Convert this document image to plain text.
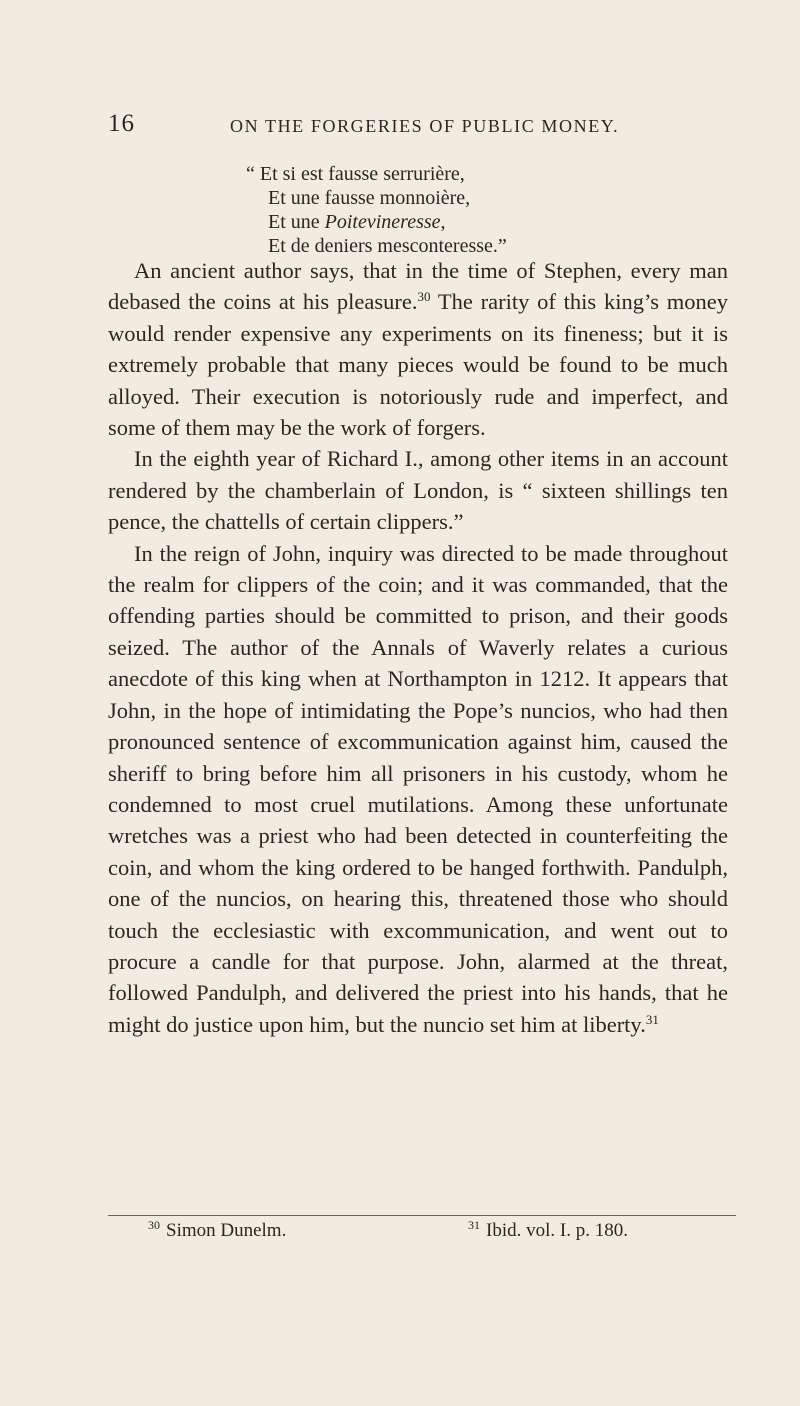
16	ON THE FORGERIES OF PUBLIC MONEY.
“ Et si est fausse serrurière,
Et une fausse monnoière,
Et une Poitevineresse,
Et de deniers mesconteresse.”

An ancient author says, that in the time of Stephen, every man debased the coins at his pleasure.$^{30}$ The rarity of this king’s money would render expensive any experiments on its fineness; but it is extremely probable that many pieces would be found to be much alloyed. Their execution is notoriously rude and imperfect, and some of them may be the work of forgers.

In the eighth year of Richard I., among other items in an account rendered by the chamberlain of London, is “ sixteen shillings ten pence, the chattells of certain clippers.”

In the reign of John, inquiry was directed to be made throughout the realm for clippers of the coin; and it was commanded, that the offending parties should be committed to prison, and their goods seized. The author of the Annals of Waverly relates a curious anecdote of this king when at Northampton in 1212. It appears that John, in the hope of intimidating the Pope’s nuncios, who had then pronounced sentence of excommunication against him, caused the sheriff to bring before him all prisoners in his custody, whom he condemned to most cruel mutilations. Among these unfortunate wretches was a priest who had been detected in counterfeiting the coin, and whom the king ordered to be hanged forthwith. Pandulph, one of the nuncios, on hearing this, threatened those who should touch the ecclesiastic with excommunication, and went out to procure a candle for that purpose. John, alarmed at the threat, followed Pandulph, and delivered the priest into his hands, that he might do justice upon him, but the nuncio set him at liberty.$^{31}$

$^{30}$ Simon Dunelm.	$^{31}$ Ibid. vol. I. p. 180.
